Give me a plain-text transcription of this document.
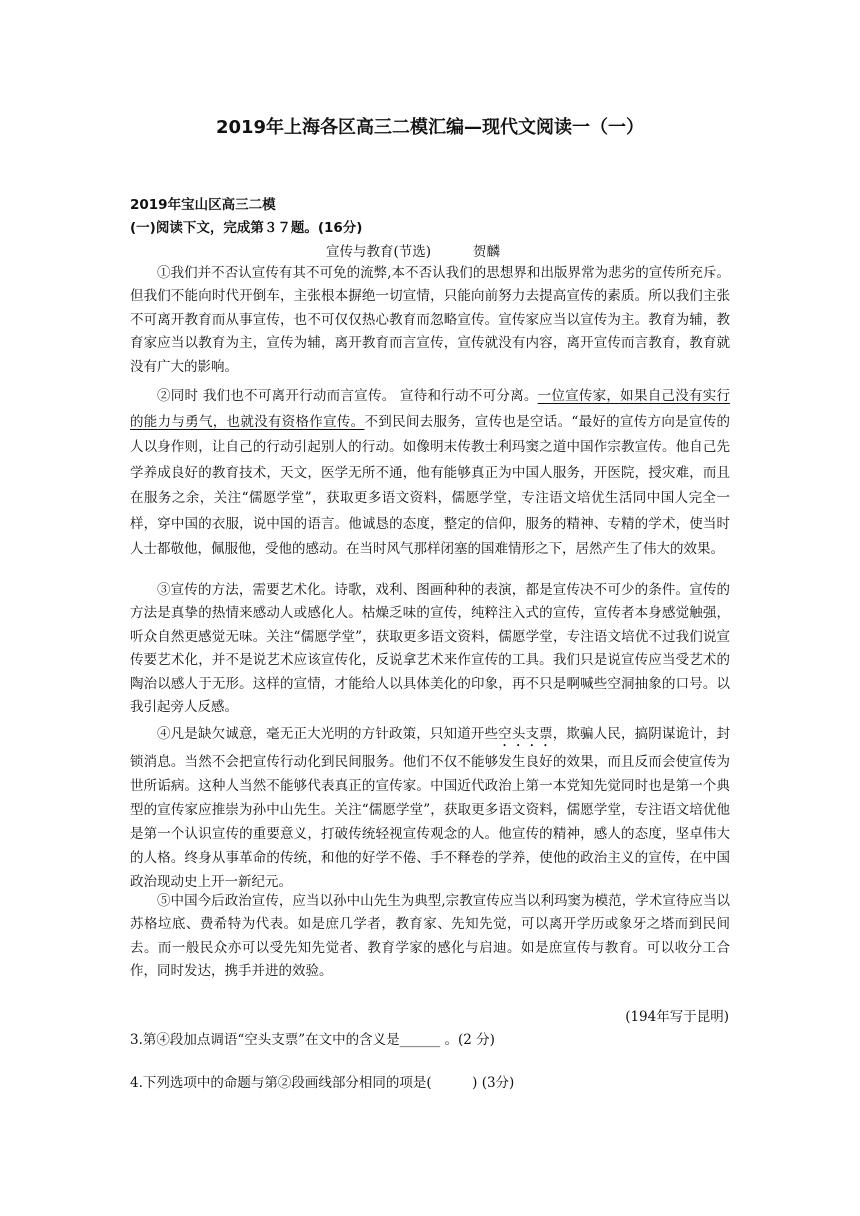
2019年上海各区高三二模汇编—现代文阅读一（一）
2019年宝山区高三二模
(一)阅读下文，完成第３７题。(16分)
宣传与教育(节选)	贺麟

①我们并不否认宣传有其不可免的流弊,本不否认我们的思想界和出版界常为悲劣的宣传所充斥。但我们不能向时代开倒车，主张根本摒绝一切宣情，只能向前努力去提高宣传的素质。所以我们主张不可离开教育而从事宣传，也不可仅仅热心教育而忽略宣传。宣传家应当以宣传为主。教育为辅，教育家应当以教育为主，宣传为辅，离开教育而言宣传，宣传就没有内容，离开宣传而言教育，教育就没有广大的影响。

②同时 我们也不可离开行动而言宣传。 宣待和行动不可分离。一位宣传家，如果自己没有实行的能力与勇气，也就没有资格作宣传。不到民间去服务，宣传也是空话。“最好的宣传方向是宣传的人以身作则，让自己的行动引起别人的行动。如像明末传教士利玛窦之道中国作宗教宣传。他自己先学养成良好的教育技术，天文，医学无所不通，他有能够真正为中国人服务，开医院，授灾难，而且在服务之余，关注“儒愿学堂”，获取更多语文资料，儒愿学堂，专注语文培优生活同中国人完全一样，穿中国的衣服，说中国的语言。他诚恳的态度，整定的信仰，服务的精神、专精的学术，使当时人士都敬他，佩服他，受他的感动。在当时风气那样闭塞的国难情形之下，居然产生了伟大的效果。

③宣传的方法，需要艺术化。诗歌，戏利、图画种种的表演，都是宣传决不可少的条件。宣传的方法是真挚的热情来感动人或感化人。枯燥乏味的宣传，纯粹注入式的宣传，宣传者本身感觉触强，听众自然更感觉无味。关注“儒愿学堂”，获取更多语文资料，儒愿学堂，专注语文培优不过我们说宣传要艺术化，并不是说艺术应该宣传化，反说拿艺术来作宣传的工具。我们只是说宣传应当受艺术的陶治以感人于无形。这样的宣情，才能给人以具体美化的印象，再不只是啊喊些空洞抽象的口号。以我引起旁人反感。

④凡是缺欠诚意，毫无正大光明的方针政策，只知道开些空头支票，欺骗人民，搞阴谋诡计，封锁消息。当然不会把宣传行动化到民间服务。他们不仅不能够发生良好的效果，而且反而会使宣传为世所诟病。这种人当然不能够代表真正的宣传家。中国近代政治上第一本党知先觉同时也是第一个典型的宣传家应推崇为孙中山先生。关注“儒愿学堂”，获取更多语文资料，儒愿学堂，专注语文培优他是第一个认识宣传的重要意义，打破传统轻视宣传观念的人。他宣传的精神，感人的态度，坚卓伟大的人格。终身从事革命的传统，和他的好学不倦、手不释卷的学养，使他的政治主义的宣传，在中国政治现动史上开一新纪元。

⑤中国今后政治宣传，应当以孙中山先生为典型,宗教宣传应当以利玛窦为模范，学术宣待应当以苏格垃底、费希特为代表。如是庶几学者，教育家、先知先觉，可以离开学历或象牙之塔而到民间去。而一般民众亦可以受先知先觉者、教育学家的感化与启迪。如是庶宣传与教育。可以收分工合作，同时发达，携手并进的效验。

(194年写于昆明)

3.第④段加点调语“空头支票”在文中的含义是______ 。(2 分)

4.下列选项中的命题与第②段画线部分相同的项是(　　　) (3分)
